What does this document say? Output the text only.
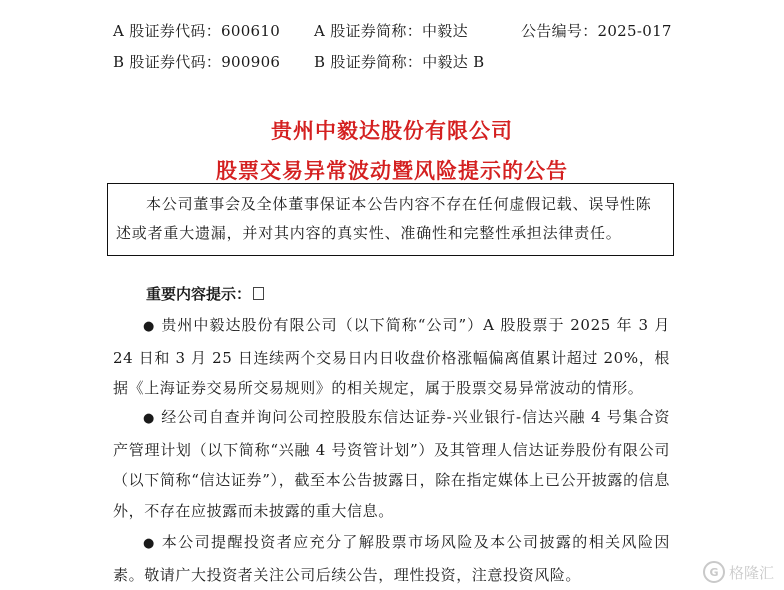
A 股证券代码：600610 A 股证券简称：中毅达	公告编号：2025-017
B 股证券代码：900906 B 股证券简称：中毅达 B
贵州中毅达股份有限公司
股票交易异常波动暨风险提示的公告

本公司董事会及全体董事保证本公告内容不存在任何虚假记载、误导性陈述或者重大遗漏，并对其内容的真实性、准确性和完整性承担法律责任。

重要内容提示：

● 贵州中毅达股份有限公司（以下简称“公司”）A 股股票于 2025 年 3 月 24 日和 3 月 25 日连续两个交易日内日收盘价格涨幅偏离值累计超过 20%，根据《上海证券交易所交易规则》的相关规定，属于股票交易异常波动的情形。

● 经公司自查并询问公司控股股东信达证券-兴业银行-信达兴融 4 号集合资产管理计划（以下简称“兴融 4 号资管计划”）及其管理人信达证券股份有限公司（以下简称“信达证券”），截至本公告披露日，除在指定媒体上已公开披露的信息外，不存在应披露而未披露的重大信息。

● 本公司提醒投资者应充分了解股票市场风险及本公司披露的相关风险因素。敬请广大投资者关注公司后续公告，理性投资，注意投资风险。	G 格隆汇
